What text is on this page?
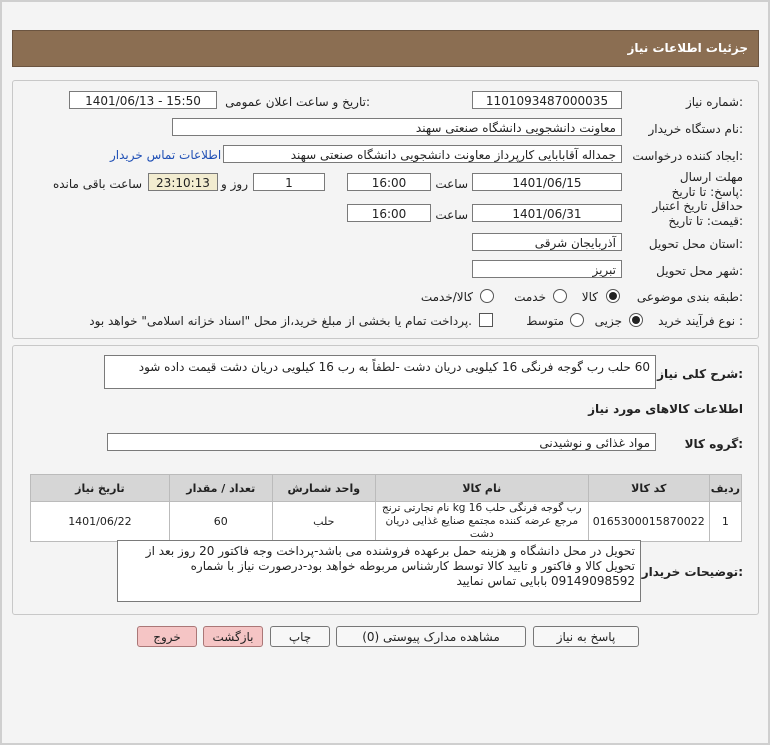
جزئیات اطلاعات نیاز
شماره نیاز:
1101093487000035
تاریخ و ساعت اعلان عمومی:
1401/06/13 - 15:50
نام دستگاه خریدار:
معاونت دانشجویی دانشگاه صنعتی سهند
ایجاد کننده درخواست:
جمداله آقابابایی کارپرداز معاونت دانشجویی دانشگاه صنعتی سهند
اطلاعات تماس خریدار
مهلت ارسال پاسخ: تا تاریخ:
1401/06/15
ساعت
16:00
1
روز و
23:10:13
ساعت باقی مانده
حداقل تاریخ اعتبار قیمت: تا تاریخ:
1401/06/31
ساعت
16:00
استان محل تحویل:
آذربایجان شرقی
شهر محل تحویل:
تبریز
طبقه بندی موضوعی:
کالا
خدمت
کالا/خدمت
نوع فرآیند خرید :
جزیی
متوسط
پرداخت تمام یا بخشی از مبلغ خرید،از محل "اسناد خزانه اسلامی" خواهد بود.
شرح کلی نیاز:
60 حلب رب گوجه فرنگی 16 کیلویی دریان دشت -لطفاً به رب 16 کیلویی دریان دشت قیمت داده شود
اطلاعات کالاهای مورد نیاز
گروه کالا:
مواد غذائی و نوشیدنی
ردیف	کد کالا	نام کالا	واحد شمارش	تعداد / مقدار	تاریخ نیاز
1	0165300015870022	رب گوجه فرنگی حلب 16 kg نام تجارتی ترنج مرجع عرضه کننده مجتمع صنایع غذایی دریان دشت	حلب	60	1401/06/22
توضیحات خریدار:
تحویل در محل دانشگاه و هزینه حمل برعهده فروشنده می باشد-پرداخت وجه فاکتور 20 روز بعد از تحویل کالا و فاکتور و تایید کالا توسط کارشناس مربوطه خواهد بود-درصورت نیاز با شماره 09149098592 بابایی تماس نمایید
پاسخ به نیاز
مشاهده مدارک پیوستی (0)
چاپ
بازگشت
خروج
